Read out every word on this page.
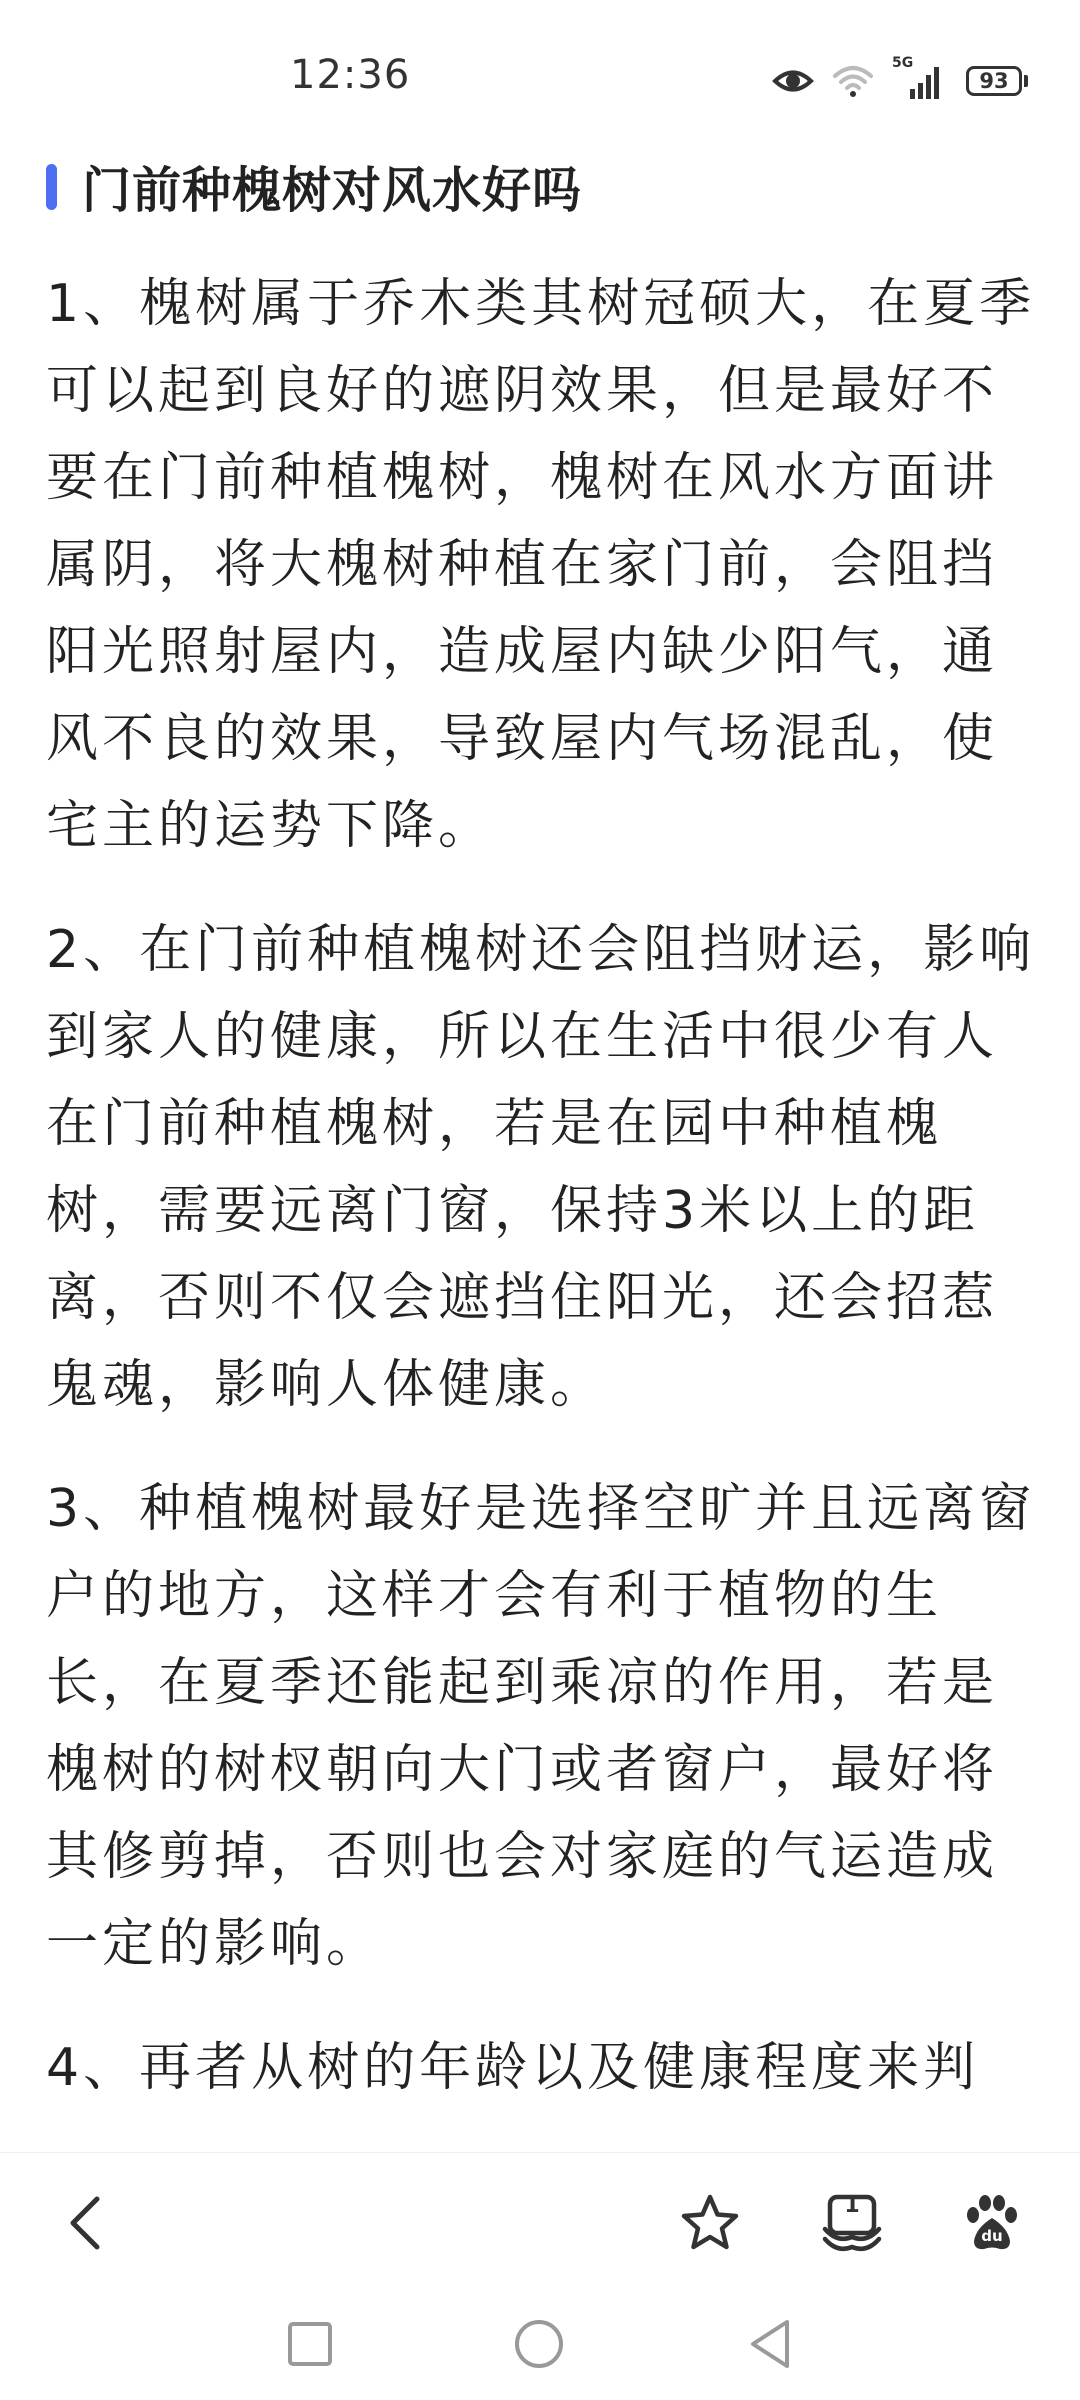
12:36	5G
93
门前种槐树对风水好吗

1、槐树属于乔木类其树冠硕大，在夏季可以起到良好的遮阴效果，但是最好不要在门前种植槐树，槐树在风水方面讲属阴，将大槐树种植在家门前，会阻挡阳光照射屋内，造成屋内缺少阳气，通风不良的效果，导致屋内气场混乱，使宅主的运势下降。

2、在门前种植槐树还会阻挡财运，影响到家人的健康，所以在生活中很少有人在门前种植槐树，若是在园中种植槐树，需要远离门窗，保持3米以上的距离，否则不仅会遮挡住阳光，还会招惹鬼魂，影响人体健康。

3、种植槐树最好是选择空旷并且远离窗户的地方，这样才会有利于植物的生长，在夏季还能起到乘凉的作用，若是槐树的树杈朝向大门或者窗户，最好将其修剪掉，否则也会对家庭的气运造成一定的影响。

4、再者从树的年龄以及健康程度来判

1
du
